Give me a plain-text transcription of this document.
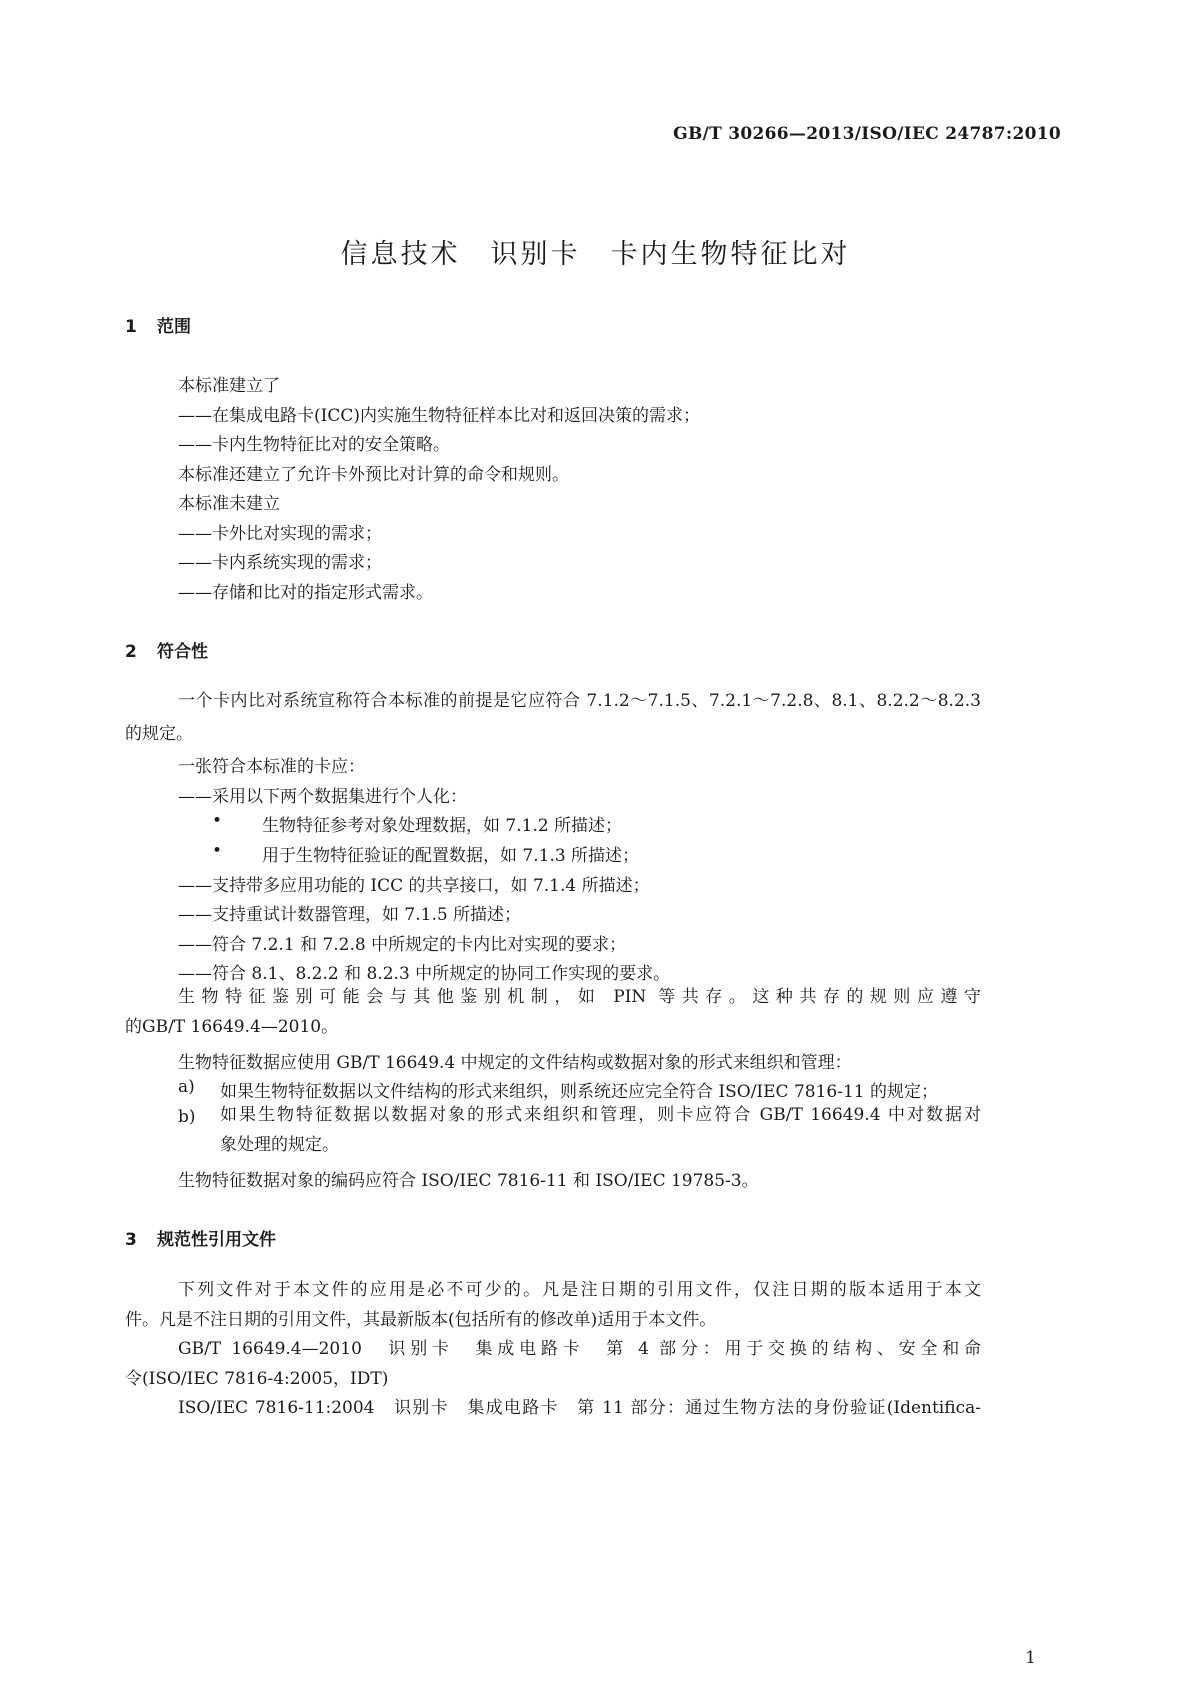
GB/T 30266—2013/ISO/IEC 24787:2010
信息技术　识别卡　卡内生物特征比对
1 范围
本标准建立了
——在集成电路卡(ICC)内实施生物特征样本比对和返回决策的需求；
——卡内生物特征比对的安全策略。
本标准还建立了允许卡外预比对计算的命令和规则。
本标准未建立
——卡外比对实现的需求；
——卡内系统实现的需求；
——存储和比对的指定形式需求。
2 符合性
一个卡内比对系统宣称符合本标准的前提是它应符合 7.1.2～7.1.5、7.2.1～7.2.8、8.1、8.2.2～8.2.3
的规定。
一张符合本标准的卡应：
——采用以下两个数据集进行个人化：
• 生物特征参考对象处理数据，如 7.1.2 所描述；
• 用于生物特征验证的配置数据，如 7.1.3 所描述；
——支持带多应用功能的 ICC 的共享接口，如 7.1.4 所描述；
——支持重试计数器管理，如 7.1.5 所描述；
——符合 7.2.1 和 7.2.8 中所规定的卡内比对实现的要求；
——符合 8.1、8.2.2 和 8.2.3 中所规定的协同工作实现的要求。
生物特征鉴别可能会与其他鉴别机制，如 PIN 等共存。这种共存的规则应遵守
的GB/T 16649.4—2010。
生物特征数据应使用 GB/T 16649.4 中规定的文件结构或数据对象的形式来组织和管理：
a) 如果生物特征数据以文件结构的形式来组织，则系统还应完全符合 ISO/IEC 7816-11 的规定；
b) 如果生物特征数据以数据对象的形式来组织和管理，则卡应符合 GB/T 16649.4 中对数据对
象处理的规定。
生物特征数据对象的编码应符合 ISO/IEC 7816-11 和 ISO/IEC 19785-3。
3 规范性引用文件
下列文件对于本文件的应用是必不可少的。凡是注日期的引用文件，仅注日期的版本适用于本文
件。凡是不注日期的引用文件，其最新版本(包括所有的修改单)适用于本文件。
GB/T 16649.4—2010　识别卡　集成电路卡　第 4 部分：用于交换的结构、安全和命
令(ISO/IEC 7816-4:2005，IDT)
ISO/IEC 7816-11:2004　识别卡　集成电路卡　第 11 部分：通过生物方法的身份验证(Identifica-
1
